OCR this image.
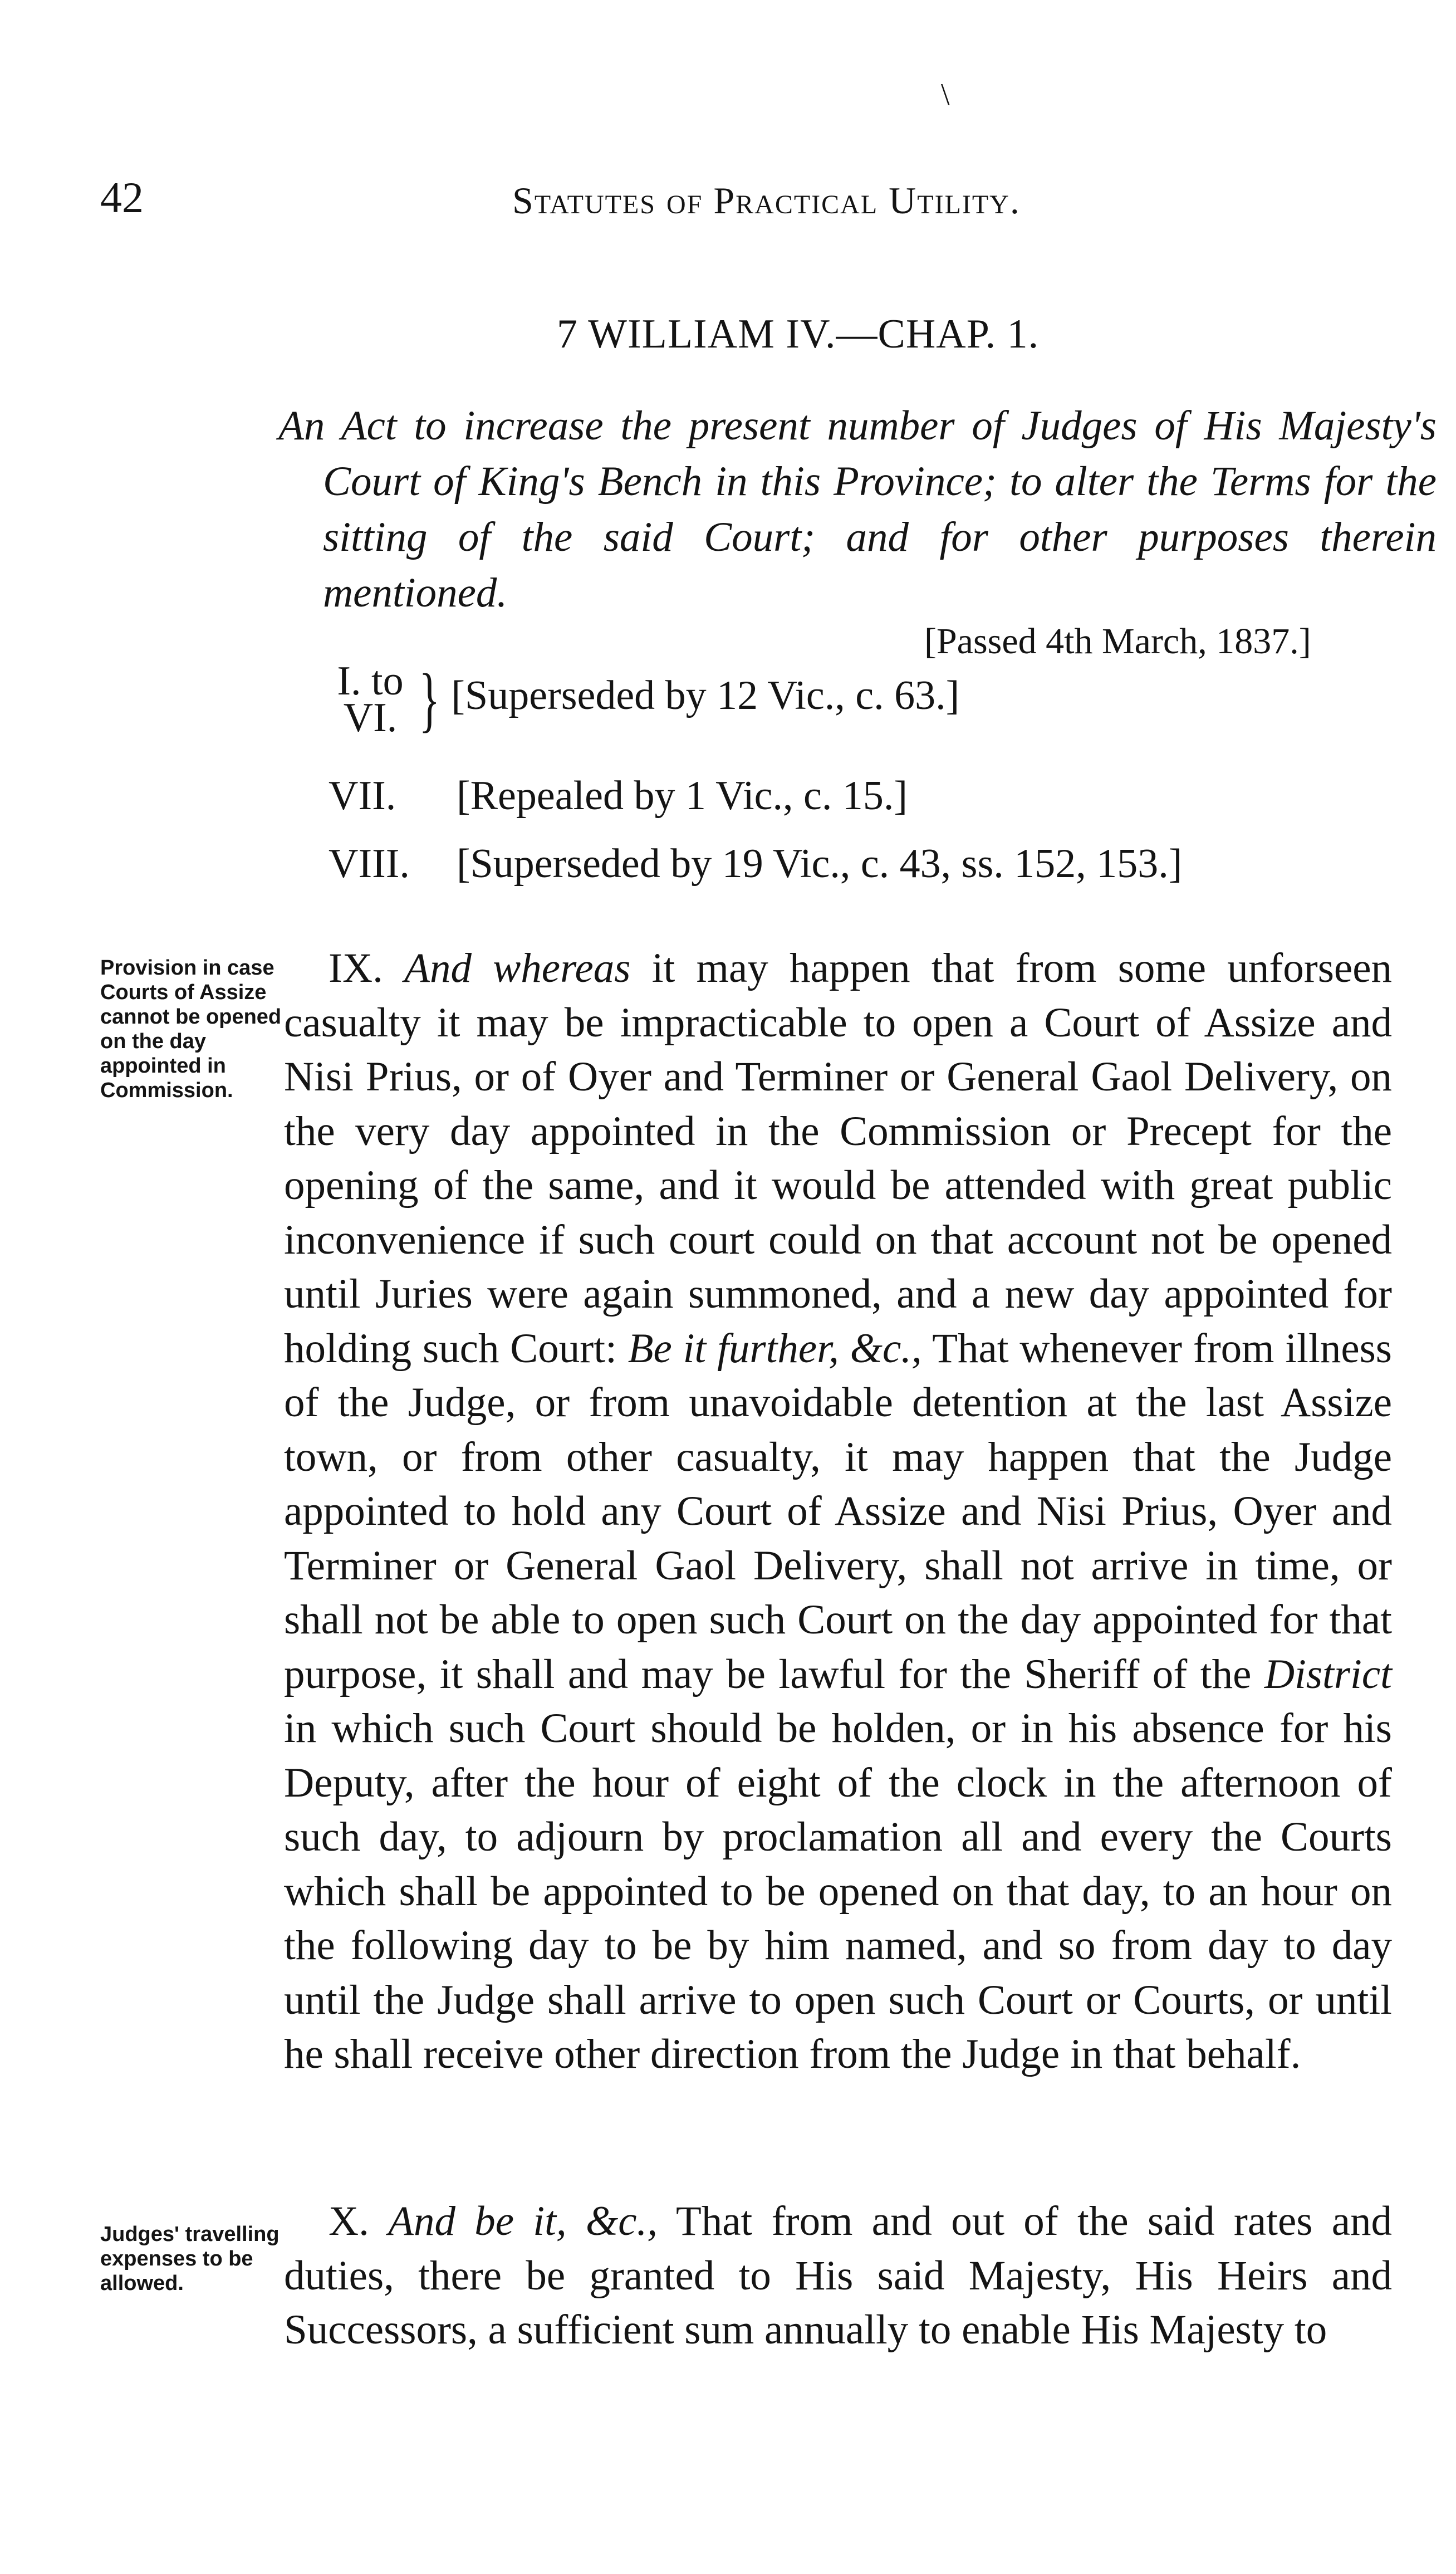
\
42	Statutes of Practical Utility.
7 WILLIAM IV.—CHAP. 1.
An Act to increase the present number of Judges of His Majesty's Court of King's Bench in this Province; to alter the Terms for the sitting of the said Court; and for other purposes therein mentioned.
[Passed 4th March, 1837.]
I. to
VI. } [Superseded by 12 Vic., c. 63.]
VII. [Repealed by 1 Vic., c. 15.]
VIII. [Superseded by 19 Vic., c. 43, ss. 152, 153.]
Provision in case Courts of Assize cannot be opened on the day appointed in Commission.

IX. And whereas it may happen that from some unforseen casualty it may be impracticable to open a Court of Assize and Nisi Prius, or of Oyer and Terminer or General Gaol Delivery, on the very day appointed in the Commission or Precept for the opening of the same, and it would be attended with great public inconvenience if such court could on that account not be opened until Juries were again summoned, and a new day appointed for holding such Court: Be it further, &c., That whenever from illness of the Judge, or from unavoidable detention at the last Assize town, or from other casualty, it may happen that the Judge appointed to hold any Court of Assize and Nisi Prius, Oyer and Terminer or General Gaol Delivery, shall not arrive in time, or shall not be able to open such Court on the day appointed for that purpose, it shall and may be lawful for the Sheriff of the District in which such Court should be holden, or in his absence for his Deputy, after the hour of eight of the clock in the afternoon of such day, to adjourn by proclamation all and every the Courts which shall be appointed to be opened on that day, to an hour on the following day to be by him named, and so from day to day until the Judge shall arrive to open such Court or Courts, or until he shall receive other direction from the Judge in that behalf.

Judges' travelling expenses to be allowed.

X. And be it, &c., That from and out of the said rates and duties, there be granted to His said Majesty, His Heirs and Successors, a sufficient sum annually to enable His Majesty to
